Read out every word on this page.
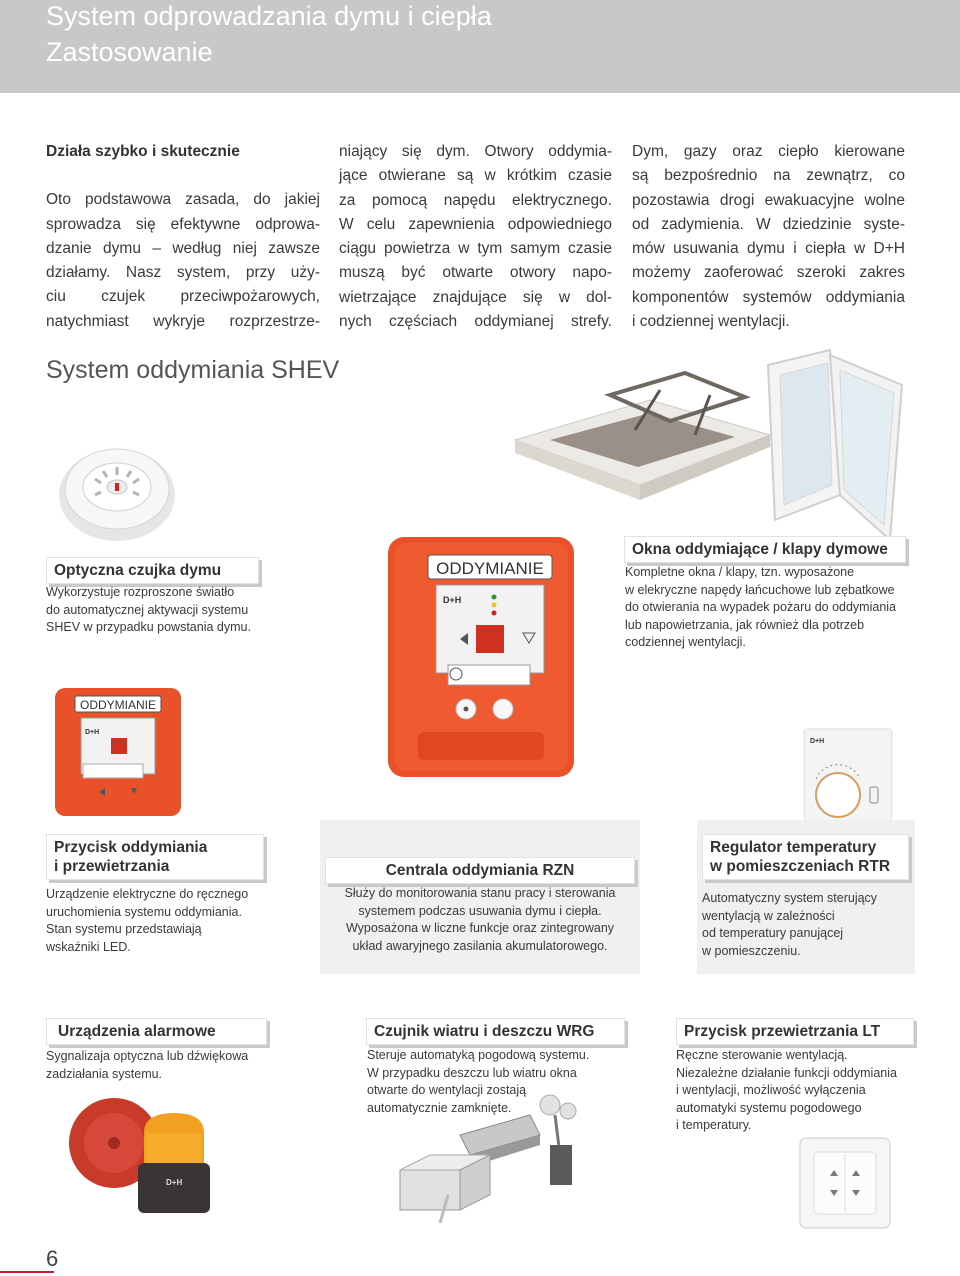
System odprowadzania dymu i ciepła
Zastosowanie

Działa szybko i skutecznie

Oto podstawowa zasada, do jakiej

sprowadza się efektywne odprowa-

dzanie dymu – według niej zawsze

działamy. Nasz system, przy uży-

ciu czujek przeciwpożarowych,

natychmiast wykryje rozprzestrze-

niający się dym. Otwory oddymia-

jące otwierane są w krótkim czasie

za pomocą napędu elektrycznego.

W celu zapewnienia odpowiedniego

ciągu powietrza w tym samym czasie

muszą być otwarte otwory napo-

wietrzające znajdujące się w dol-

nych częściach oddymianej strefy.

Dym, gazy oraz ciepło kierowane

są bezpośrednio na zewnątrz, co

pozostawia drogi ewakuacyjne wolne

od zadymienia. W dziedzinie syste-

mów usuwania dymu i ciepła w D+H

możemy zaoferować szeroki zakres

komponentów systemów oddymiania

i codziennej wentylacji.

System oddymiania SHEV
Optyczna czujka dymu
Wykorzystuje rozproszone światło
do automatycznej aktywacji systemu
SHEV w przypadku powstania dymu.
Okna oddymiające / klapy dymowe
Kompletne okna / klapy, tzn. wyposażone
w elekryczne napędy łańcuchowe lub zębatkowe
do otwierania na wypadek pożaru do oddymiania
lub napowietrzania, jak również dla potrzeb
codziennej wentylacji.
ODDYMIANIE
D+H
ODDYMIANIE
D+H
Przycisk oddymiania
i przewietrzania
Urządzenie elektryczne do ręcznego
uruchomienia systemu oddymiania.
Stan systemu przedstawiają
wskaźniki LED.
Centrala oddymiania RZN
Służy do monitorowania stanu pracy i sterowania
systemem podczas usuwania dymu i ciepła.
Wyposażona w liczne funkcje oraz zintegrowany
układ awaryjnego zasilania akumulatorowego.
D+H
Regulator temperatury
w pomieszczeniach RTR
Automatyczny system sterujący
wentylacją w zależności
od temperatury panującej
w pomieszczeniu.
Urządzenia alarmowe
Sygnalizaja optyczna lub dźwiękowa
zadziałania systemu.
Czujnik wiatru i deszczu WRG
Steruje automatyką pogodową systemu.
W przypadku deszczu lub wiatru okna
otwarte do wentylacji zostają
automatycznie zamknięte.
Przycisk przewietrzania LT
Ręczne sterowanie wentylacją.
Niezależne działanie funkcji oddymiania
i wentylacji, możliwość wyłączenia
automatyki systemu pogodowego
i temperatury.
D+H
6
